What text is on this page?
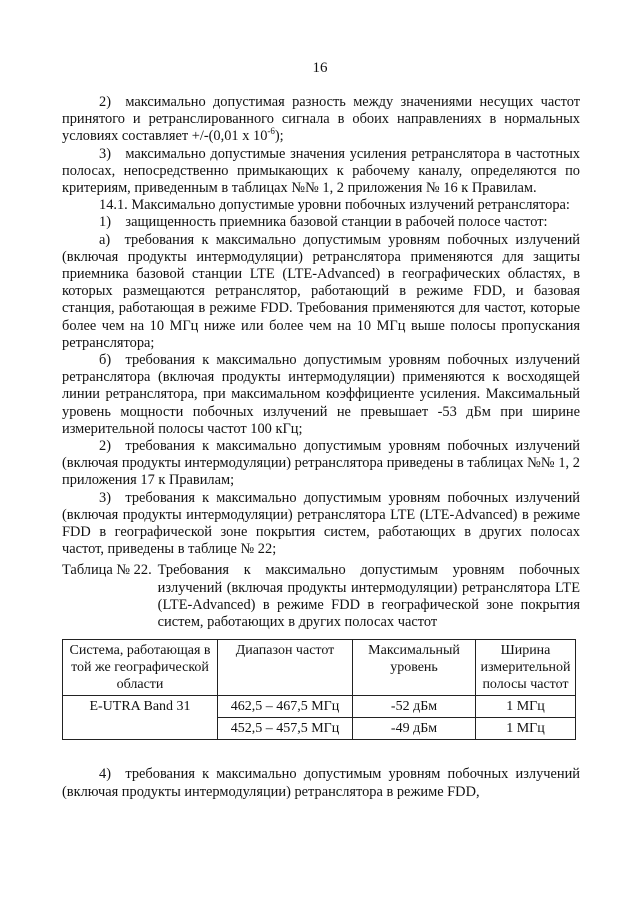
16

2) максимально допустимая разность между значениями несущих частот принятого и ретранслированного сигнала в обоих направлениях в нормальных условиях составляет +/-(0,01 х $10^{-6}$);

3) максимально допустимые значения усиления ретранслятора в частотных полосах, непосредственно примыкающих к рабочему каналу, определяются по критериям, приведенным в таблицах №№ 1, 2 приложения № 16 к Правилам.

14.1. Максимально допустимые уровни побочных излучений ретранслятора:

1) защищенность приемника базовой станции в рабочей полосе частот:

а) требования к максимально допустимым уровням побочных излучений (включая продукты интермодуляции) ретранслятора применяются для защиты приемника базовой станции LTE (LTE-Advanced) в географических областях, в которых размещаются ретранслятор, работающий в режиме FDD, и базовая станция, работающая в режиме FDD. Требования применяются для частот, которые более чем на 10 МГц ниже или более чем на 10 МГц выше полосы пропускания ретранслятора;

б) требования к максимально допустимым уровням побочных излучений ретранслятора (включая продукты интермодуляции) применяются к восходящей линии ретранслятора, при максимальном коэффициенте усиления. Максимальный уровень мощности побочных излучений не превышает -53 дБм при ширине измерительной полосы частот 100 кГц;

2) требования к максимально допустимым уровням побочных излучений (включая продукты интермодуляции) ретранслятора приведены в таблицах №№ 1, 2 приложения 17 к Правилам;

3) требования к максимально допустимым уровням побочных излучений (включая продукты интермодуляции) ретранслятора LTE (LTE-Advanced) в режиме FDD в географической зоне покрытия систем, работающих в других полосах частот, приведены в таблице № 22;

Таблица № 22. Требования к максимально допустимым уровням побочных излучений (включая продукты интермодуляции) ретранслятора LTE (LTE-Advanced) в режиме FDD в географической зоне покрытия систем, работающих в других полосах частот

Система, работающая в той же географической области	Диапазон частот	Максимальный уровень	Ширина измерительной полосы частот
E-UTRA Band 31	462,5 – 467,5 МГц	-52 дБм	1 МГц
	452,5 – 457,5 МГц	-49 дБм	1 МГц

4) требования к максимально допустимым уровням побочных излучений (включая продукты интермодуляции) ретранслятора в режиме FDD,
